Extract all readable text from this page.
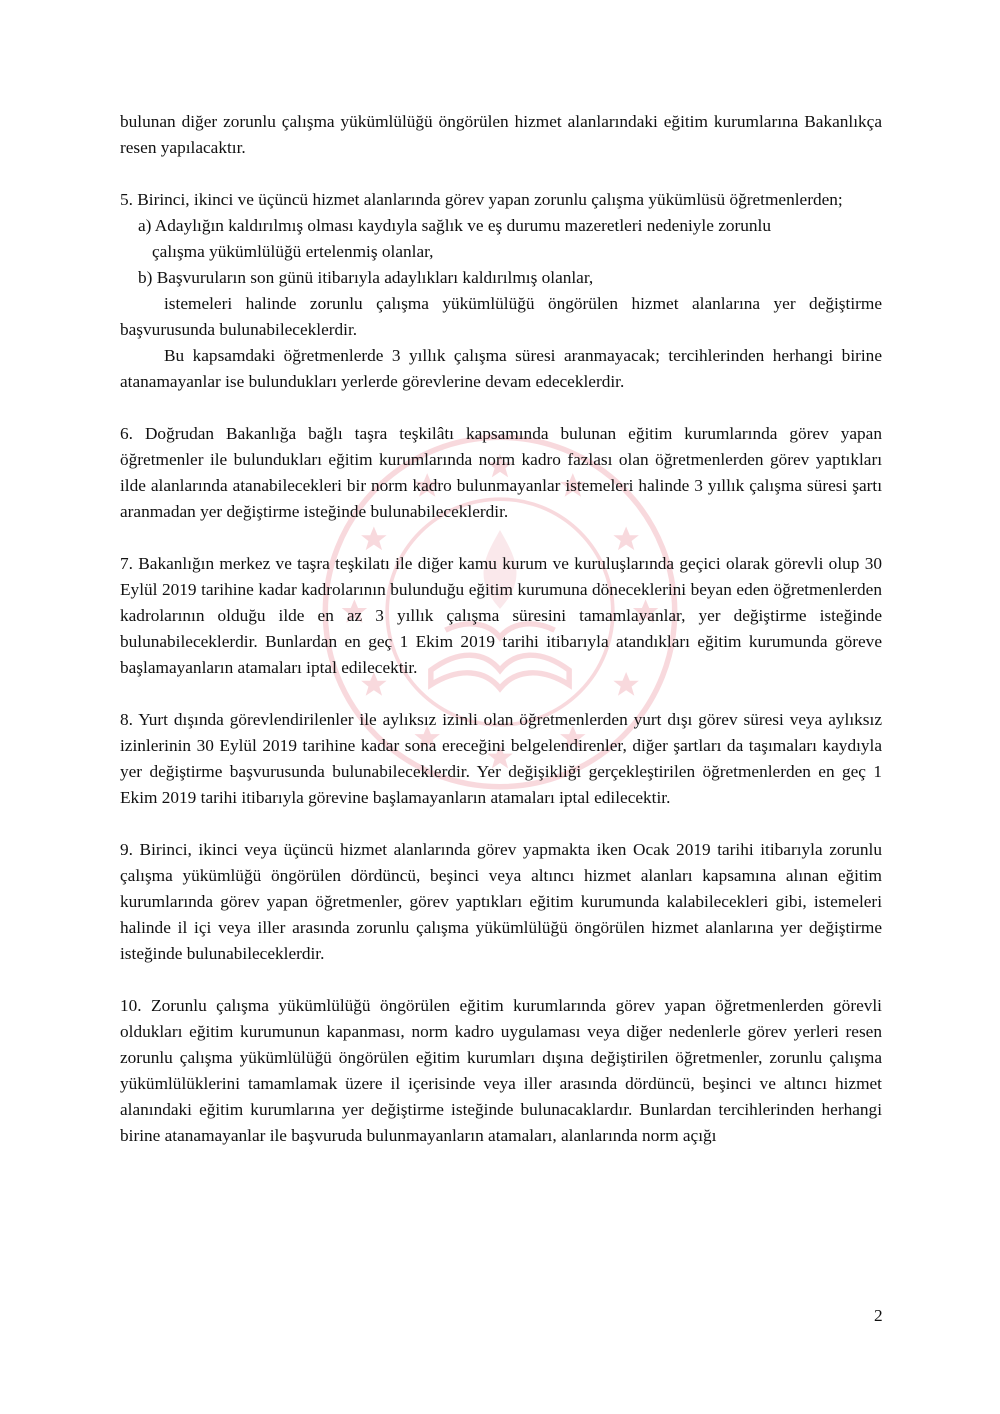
bulunan diğer zorunlu çalışma yükümlülüğü öngörülen hizmet alanlarındaki eğitim kurumlarına Bakanlıkça resen yapılacaktır.

5. Birinci, ikinci ve üçüncü hizmet alanlarında görev yapan zorunlu çalışma yükümlüsü öğretmenlerden;

a) Adaylığın kaldırılmış olması kaydıyla sağlık ve eş durumu mazeretleri nedeniyle zorunlu
çalışma yükümlülüğü ertelenmiş olanlar,

b) Başvuruların son günü itibarıyla adaylıkları kaldırılmış olanlar,

istemeleri halinde zorunlu çalışma yükümlülüğü öngörülen hizmet alanlarına yer değiştirme başvurusunda bulunabileceklerdir.

Bu kapsamdaki öğretmenlerde 3 yıllık çalışma süresi aranmayacak; tercihlerinden herhangi birine atanamayanlar ise bulundukları yerlerde görevlerine devam edeceklerdir.

6. Doğrudan Bakanlığa bağlı taşra teşkilâtı kapsamında bulunan eğitim kurumlarında görev yapan öğretmenler ile bulundukları eğitim kurumlarında norm kadro fazlası olan öğretmenlerden görev yaptıkları ilde alanlarında atanabilecekleri bir norm kadro bulunmayanlar istemeleri halinde 3 yıllık çalışma süresi şartı aranmadan yer değiştirme isteğinde bulunabileceklerdir.

7. Bakanlığın merkez ve taşra teşkilatı ile diğer kamu kurum ve kuruluşlarında geçici olarak görevli olup 30 Eylül 2019 tarihine kadar kadrolarının bulunduğu eğitim kurumuna döneceklerini beyan eden öğretmenlerden kadrolarının olduğu ilde en az 3 yıllık çalışma süresini tamamlayanlar, yer değiştirme isteğinde bulunabileceklerdir. Bunlardan en geç 1 Ekim 2019 tarihi itibarıyla atandıkları eğitim kurumunda göreve başlamayanların atamaları iptal edilecektir.

8. Yurt dışında görevlendirilenler ile aylıksız izinli olan öğretmenlerden yurt dışı görev süresi veya aylıksız izinlerinin 30 Eylül 2019 tarihine kadar sona ereceğini belgelendirenler, diğer şartları da taşımaları kaydıyla yer değiştirme başvurusunda bulunabileceklerdir. Yer değişikliği gerçekleştirilen öğretmenlerden en geç 1 Ekim 2019 tarihi itibarıyla görevine başlamayanların atamaları iptal edilecektir.

9. Birinci, ikinci veya üçüncü hizmet alanlarında görev yapmakta iken Ocak 2019 tarihi itibarıyla zorunlu çalışma yükümlüğü öngörülen dördüncü, beşinci veya altıncı hizmet alanları kapsamına alınan eğitim kurumlarında görev yapan öğretmenler, görev yaptıkları eğitim kurumunda kalabilecekleri gibi, istemeleri halinde il içi veya iller arasında zorunlu çalışma yükümlülüğü öngörülen hizmet alanlarına yer değiştirme isteğinde bulunabileceklerdir.

10. Zorunlu çalışma yükümlülüğü öngörülen eğitim kurumlarında görev yapan öğretmenlerden görevli oldukları eğitim kurumunun kapanması, norm kadro uygulaması veya diğer nedenlerle görev yerleri resen zorunlu çalışma yükümlülüğü öngörülen eğitim kurumları dışına değiştirilen öğretmenler, zorunlu çalışma yükümlülüklerini tamamlamak üzere il içerisinde veya iller arasında dördüncü, beşinci ve altıncı hizmet alanındaki eğitim kurumlarına yer değiştirme isteğinde bulunacaklardır. Bunlardan tercihlerinden herhangi birine atanamayanlar ile başvuruda bulunmayanların atamaları, alanlarında norm açığı

2
